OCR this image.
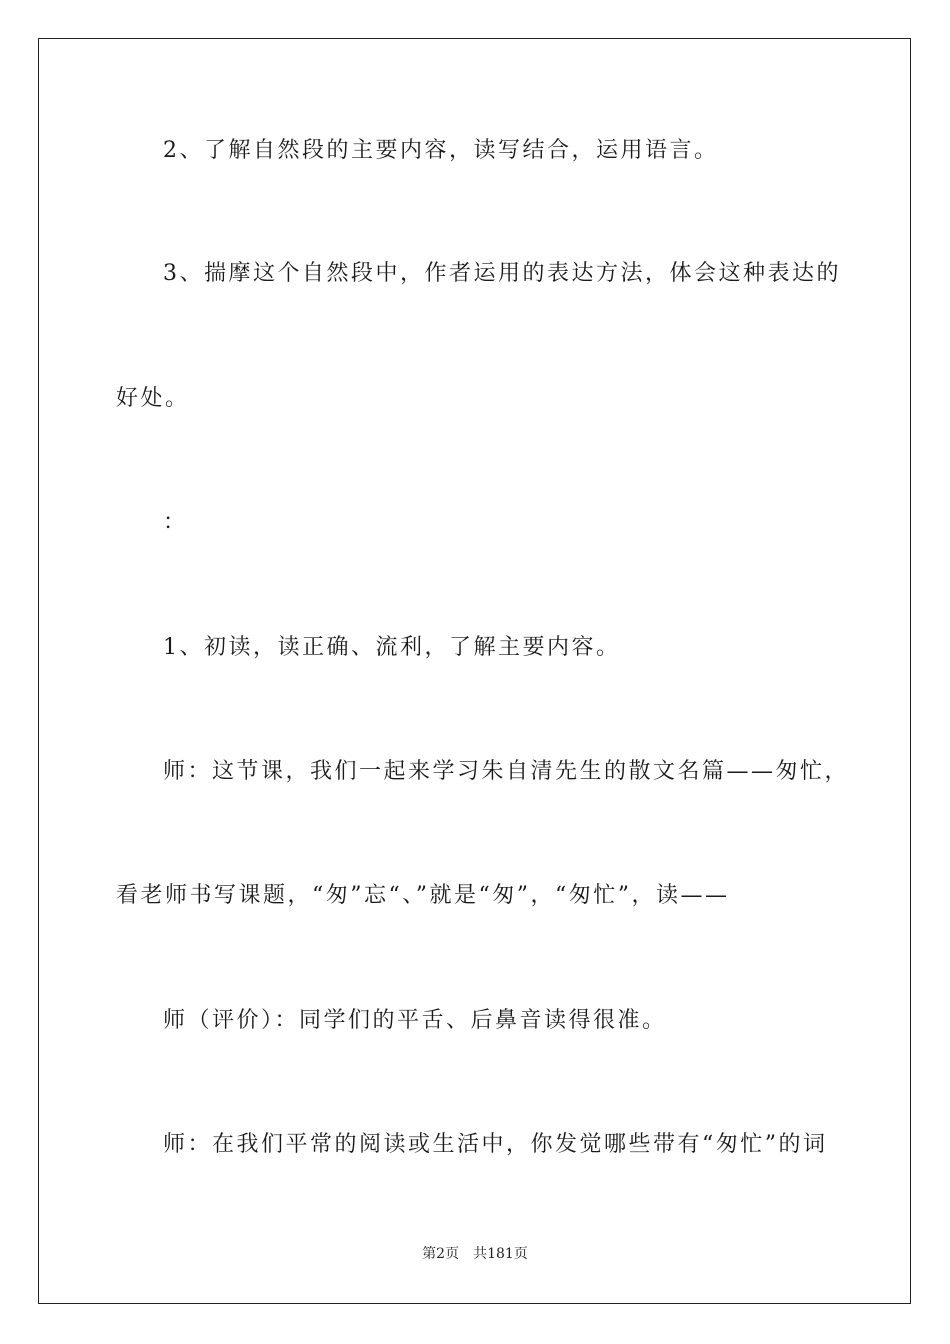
2、了解自然段的主要内容，读写结合，运用语言。
3、揣摩这个自然段中，作者运用的表达方法，体会这种表达的
好处。
：
1、初读，读正确、流利，了解主要内容。
师：这节课，我们一起来学习朱自清先生的散文名篇——匆忙，
看老师书写课题，“匆”忘“、”就是“匆”，“匆忙”，读——
师（评价）：同学们的平舌、后鼻音读得很准。
师：在我们平常的阅读或生活中，你发觉哪些带有“匆忙”的词
第2页 共181页
